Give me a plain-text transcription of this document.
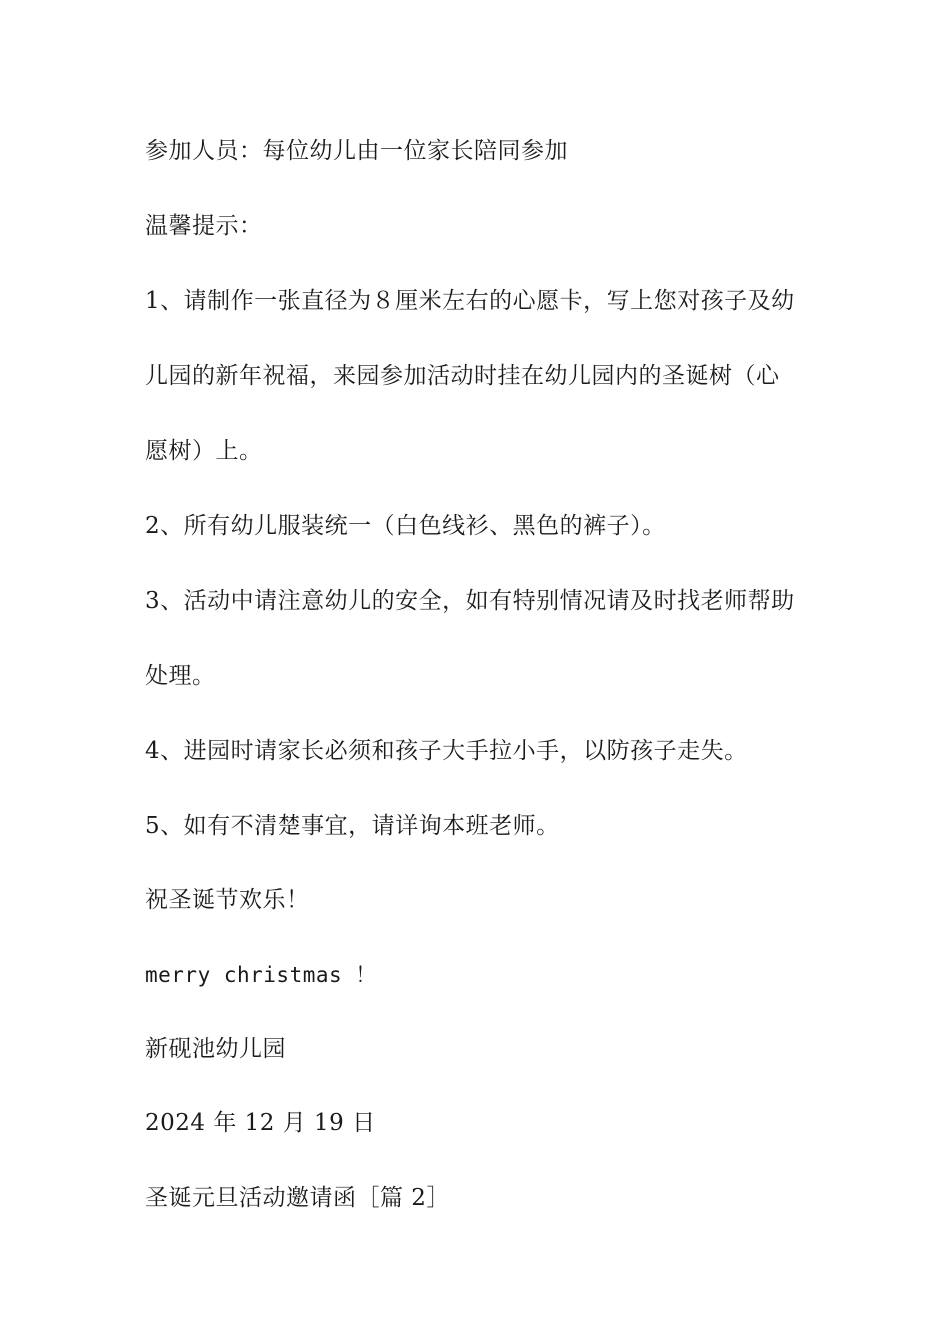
参加人员：每位幼儿由一位家长陪同参加
温馨提示：
1、请制作一张直径为８厘米左右的心愿卡，写上您对孩子及幼
儿园的新年祝福，来园参加活动时挂在幼儿园内的圣诞树（心
愿树）上。
2、所有幼儿服装统一（白色线衫、黑色的裤子）。
3、活动中请注意幼儿的安全，如有特别情况请及时找老师帮助
处理。
4、进园时请家长必须和孩子大手拉小手，以防孩子走失。
5、如有不清楚事宜，请详询本班老师。
祝圣诞节欢乐！
merry christmas ！
新砚池幼儿园
2024 年 12 月 19 日
圣诞元旦活动邀请函［篇 2］
